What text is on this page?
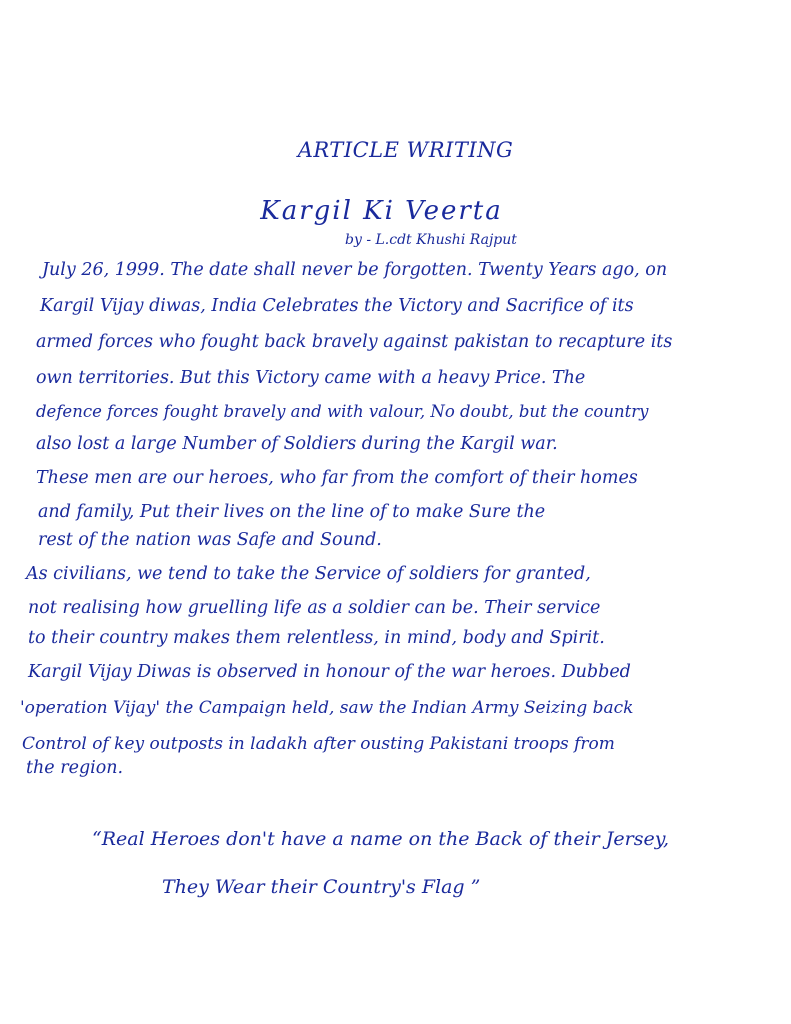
ARTICLE WRITING
Kargil Ki Veerta
by - L.cdt Khushi Rajput
July 26, 1999. The date shall never be forgotten. Twenty Years ago, on
Kargil Vijay diwas, India Celebrates the Victory and Sacrifice of its
armed forces who fought back bravely against pakistan to recapture its
own territories. But this Victory came with a heavy Price. The
defence forces fought bravely and with valour, No doubt, but the country
also lost a large Number of Soldiers during the Kargil war.
These men are our heroes, who far from the comfort of their homes
and family, Put their lives on the line of to make Sure the
rest of the nation was Safe and Sound.
As civilians, we tend to take the Service of soldiers for granted,
not realising how gruelling life as a soldier can be. Their service
to their country makes them relentless, in mind, body and Spirit.
Kargil Vijay Diwas is observed in honour of the war heroes. Dubbed
'operation Vijay' the Campaign held, saw the Indian Army Seizing back
Control of key outposts in ladakh after ousting Pakistani troops from
the region.
“Real Heroes don't have a name on the Back of their Jersey,
They Wear their Country's Flag ”
